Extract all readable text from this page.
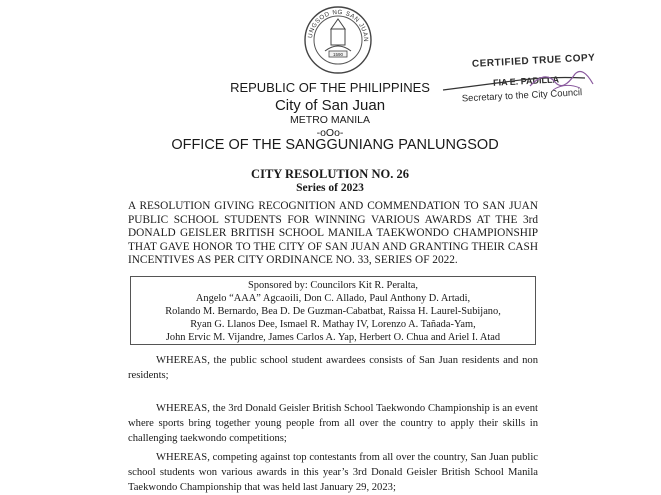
UNGSOD NG SAN JUAN
1590	CERTIFIED TRUE COPY
FIA E. PADILLA
Secretary to the City Council
REPUBLIC OF THE PHILIPPINES
City of San Juan
METRO MANILA
-oOo-
OFFICE OF THE SANGGUNIANG PANLUNGSOD
CITY RESOLUTION NO. 26
Series of 2023
A RESOLUTION GIVING RECOGNITION AND COMMENDATION TO SAN JUAN PUBLIC SCHOOL STUDENTS FOR WINNING VARIOUS AWARDS AT THE 3rd DONALD GEISLER BRITISH SCHOOL MANILA TAEKWONDO CHAMPIONSHIP THAT GAVE HONOR TO THE CITY OF SAN JUAN AND GRANTING THEIR CASH INCENTIVES AS PER CITY ORDINANCE NO. 33, SERIES OF 2022.
Sponsored by: Councilors Kit R. Peralta,
Angelo “AAA” Agcaoili, Don C. Allado, Paul Anthony D. Artadi,
Rolando M. Bernardo, Bea D. De Guzman-Cabatbat, Raissa H. Laurel-Subijano,
Ryan G. Llanos Dee, Ismael R. Mathay IV, Lorenzo A. Tañada-Yam,
John Ervic M. Vijandre, James Carlos A. Yap, Herbert O. Chua and Ariel I. Atad
WHEREAS, the public school student awardees consists of San Juan residents and non residents;
WHEREAS, the 3rd Donald Geisler British School Taekwondo Championship is an event where sports bring together young people from all over the country to apply their skills in challenging taekwondo competitions;
WHEREAS, competing against top contestants from all over the country, San Juan public school students won various awards in this year’s 3rd Donald Geisler British School Manila Taekwondo Championship that was held last January 29, 2023;
